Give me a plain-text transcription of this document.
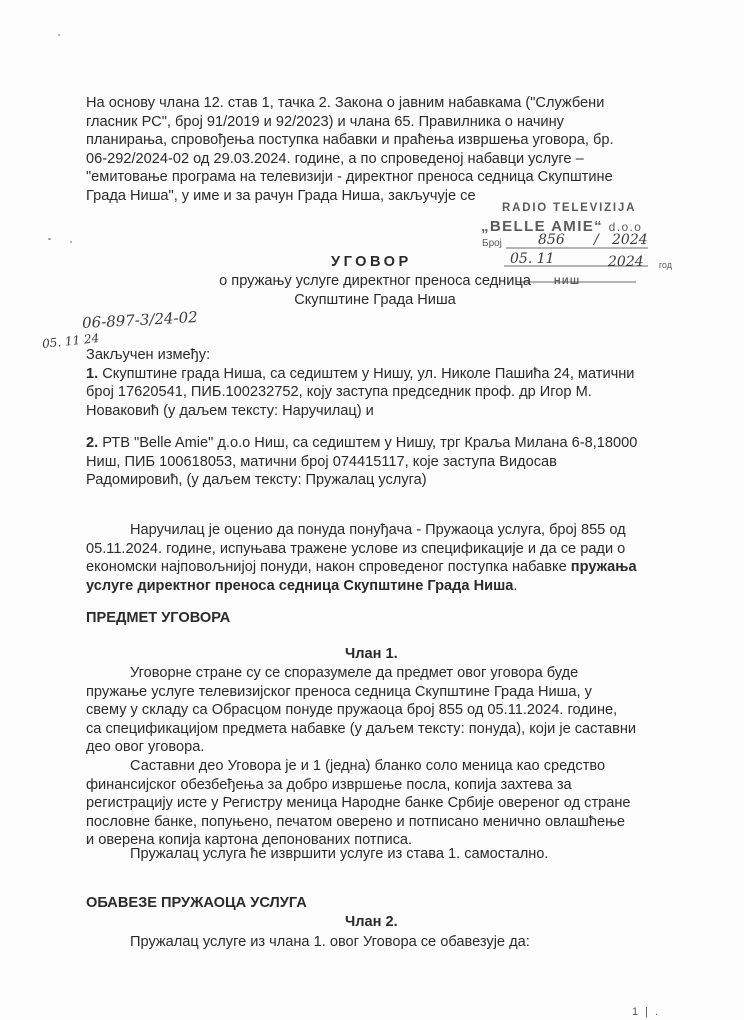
На основу члана 12. став 1, тачка 2. Закона о јавним набавкама ("Службени
гласник РС", број 91/2019 и 92/2023) и члана 65. Правилника о начину
планирања, спровођења поступка набавки и праћења извршења уговора, бр.
06-292/2024-02 од 29.03.2024. године, а по спроведеној набавци услуге –
"емитовање програма на телевизији - директног преноса седница Скупштине
Града Ниша", у име и за рачун Града Ниша, закључује се
RADIO TELEVIZIJA
„BELLE AMIE“ d.o.o
Број	856 / 2024
05. 11	2024 год
НИШ
УГОВОР
о пружању услуге директног преноса седница
Скупштине Града Ниша
06-897-3/24-02
05. 11 24
Закључен између:
1. Скупштине града Ниша, са седиштем у Нишу, ул. Николе Пашића 24, матични
број 17620541, ПИБ.100232752, коју заступа председник проф. др Игор М.
Новаковић (у даљем тексту: Наручилац) и
2. РТВ "Belle Amie" д.о.о Ниш, са седиштем у Нишу, трг Краља Милана 6-8,18000
Ниш, ПИБ 100618053, матични број 074415117, које заступа Видосав
Радомировић, (у даљем тексту: Пружалац услуга)
Наручилац је оценио да понуда понуђача - Пружаоца услуга, број 855 од
05.11.2024. године, испуњава тражене услове из спецификације и да се ради о
економски најповољнијој понуди, након спроведеног поступка набавке пружања
услуге директног преноса седница Скупштине Града Ниша.
ПРЕДМЕТ УГОВОРА
Члан 1.
Уговорне стране су се споразумеле да предмет овог уговора буде
пружање услуге телевизијског преноса седница Скупштине Града Ниша, у
свему у складу са Обрасцом понуде пружаоца број 855 од 05.11.2024. године,
са спецификацијом предмета набавке (у даљем тексту: понуда), који је саставни
део овог уговора.
Саставни део Уговора је и 1 (једна) бланко соло меница као средство
финансијског обезбеђења за добро извршење посла, копија захтева за
регистрацију исте у Регистру меница Народне банке Србије овереног од стране
пословне банке, попуњено, печатом оверено и потписано менично овлашћење
и оверена копија картона депонованих потписа.
Пружалац услуга ће извршити услуге из става 1. самостално.
ОБАВЕЗЕ ПРУЖАОЦА УСЛУГА
Члан 2.
Пружалац услуге из члана 1. овог Уговора се обавезује да:
1 | .
